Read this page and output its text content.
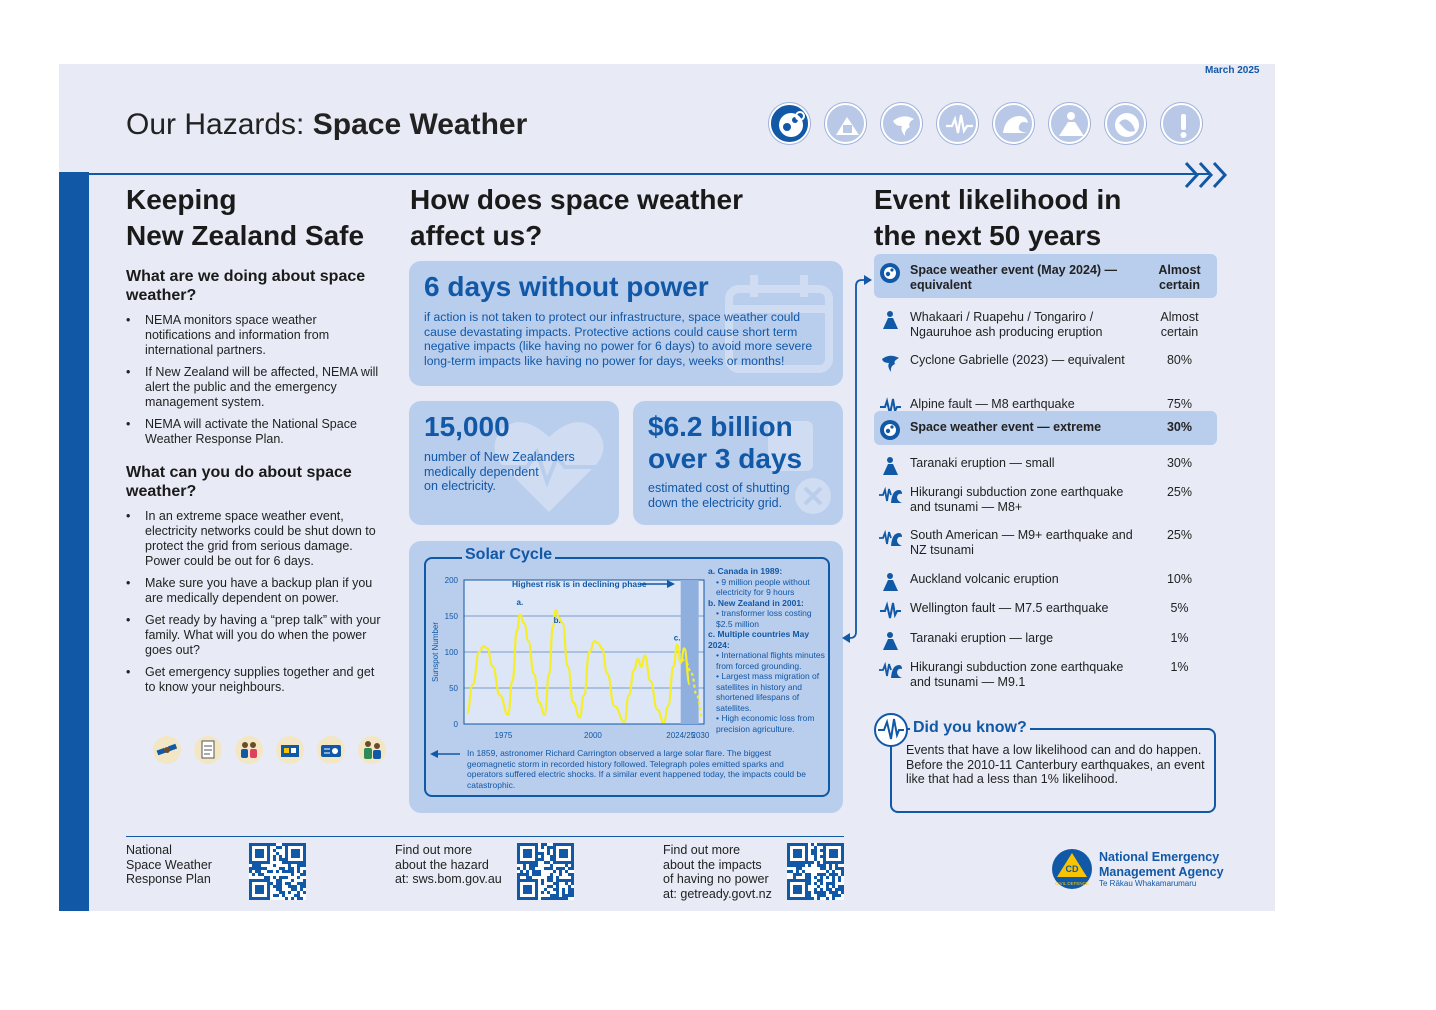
March 2025
Our Hazards: Space Weather
Keeping
New Zealand Safe
What are we doing about space weather?
• NEMA monitors space weather notifications and information from international partners.
• If New Zealand will be affected, NEMA will alert the public and the emergency management system.
• NEMA will activate the National Space Weather Response Plan.
What can you do about space weather?
• In an extreme space weather event, electricity networks could be shut down to protect the grid from serious damage. Power could be out for 6 days.
• Make sure you have a backup plan if you are medically dependent on power.
• Get ready by having a “prep talk” with your family. What will you do when the power goes out?
• Get emergency supplies together and get to know your neighbours.
How does space weather
affect us?
6 days without power
if action is not taken to protect our infrastructure, space weather could cause devastating impacts. Protective actions could cause short term negative impacts (like having no power for 6 days) to avoid more severe long-term impacts like having no power for days, weeks or months!
15,000
number of New Zealanders
medically dependent
on electricity.
$6.2 billion
over 3 days
estimated cost of shutting
down the electricity grid.
Solar Cycle
0
50
100
150
200
1975	2000	2024/25
2030
a.
b.
c.
Sunspot Number
Highest risk is in declining phase
a. Canada in 1989:
• 9 million people without electricity for 9 hours
b. New Zealand in 2001:
• transformer loss costing $2.5 million
c. Multiple countries May 2024:
• International flights minutes from forced grounding.
• Largest mass migration of satellites in history and shortened lifespans of satellites.
• High economic loss from precision agriculture.
In 1859, astronomer Richard Carrington observed a large solar flare. The biggest geomagnetic storm in recorded history followed. Telegraph poles emitted sparks and operators suffered electric shocks. If a similar event happened today, the impacts could be catastrophic.
Event likelihood in
the next 50 years
Space weather event (May 2024) — equivalent
Almost certain
Whakaari / Ruapehu / Tongariro / Ngauruhoe ash producing eruption
Almost certain
Cyclone Gabrielle (2023) — equivalent	80%
Alpine fault — M8 earthquake	75%
Space weather event — extreme	30%
Taranaki eruption — small	30%
Hikurangi subduction zone earthquake and tsunami — M8+
25%
South American — M9+ earthquake and NZ tsunami
25%
Auckland volcanic eruption	10%
Wellington fault — M7.5 earthquake	5%
Taranaki eruption — large	1%
Hikurangi subduction zone earthquake and tsunami — M9.1
1%
Did you know?
Events that have a low likelihood can and do happen. Before the 2010-11 Canterbury earthquakes, an event like that had a less than 1% likelihood.
National
Space Weather
Response Plan
Find out more
about the hazard
at: sws.bom.gov.au
Find out more
about the impacts
of having no power
at: getready.govt.nz
CD
CIVIL DEFENCE
National Emergency
Management Agency
Te Rākau Whakamarumaru
